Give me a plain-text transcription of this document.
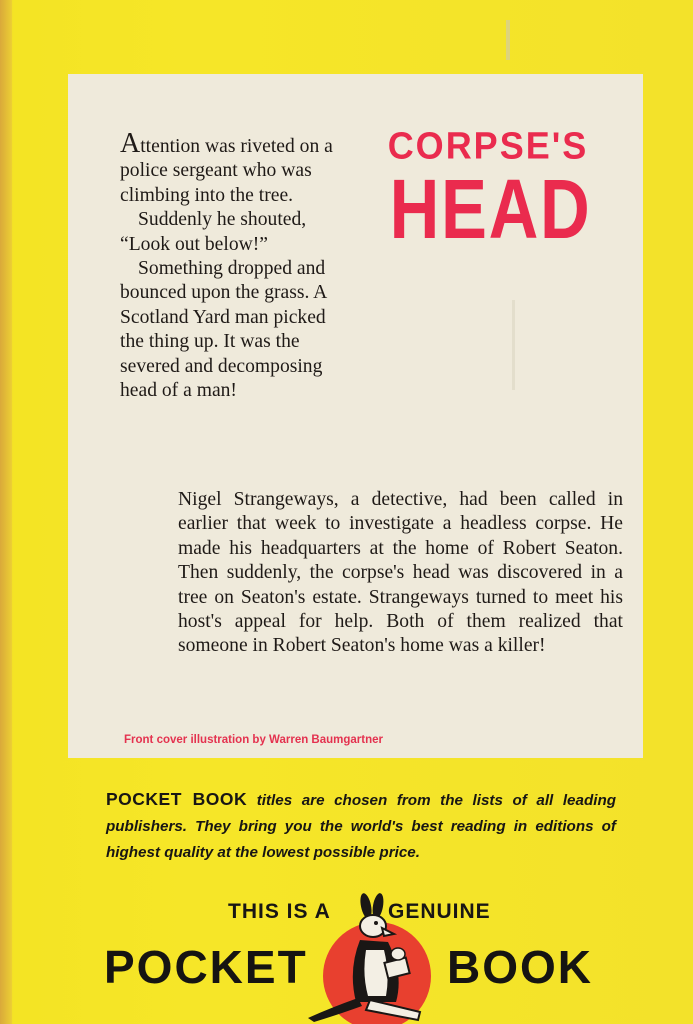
Attention was riveted on a police sergeant who was climbing into the tree.

Suddenly he shouted, “Look out below!”

Something dropped and bounced upon the grass. A Scotland Yard man picked the thing up. It was the severed and decomposing head of a man!

CORPSE'S
HEAD
Nigel Strangeways, a detective, had been called in earlier that week to investigate a headless corpse. He made his headquarters at the home of Robert Seaton. Then suddenly, the corpse's head was discovered in a tree on Seaton's estate. Strangeways turned to meet his host's appeal for help. Both of them realized that someone in Robert Seaton's home was a killer!
Front cover illustration by Warren Baumgartner
POCKET BOOK titles are chosen from the lists of all leading publishers. They bring you the world's best reading in editions of highest quality at the lowest possible price.
THIS IS A	GENUINE
POCKET	BOOK
